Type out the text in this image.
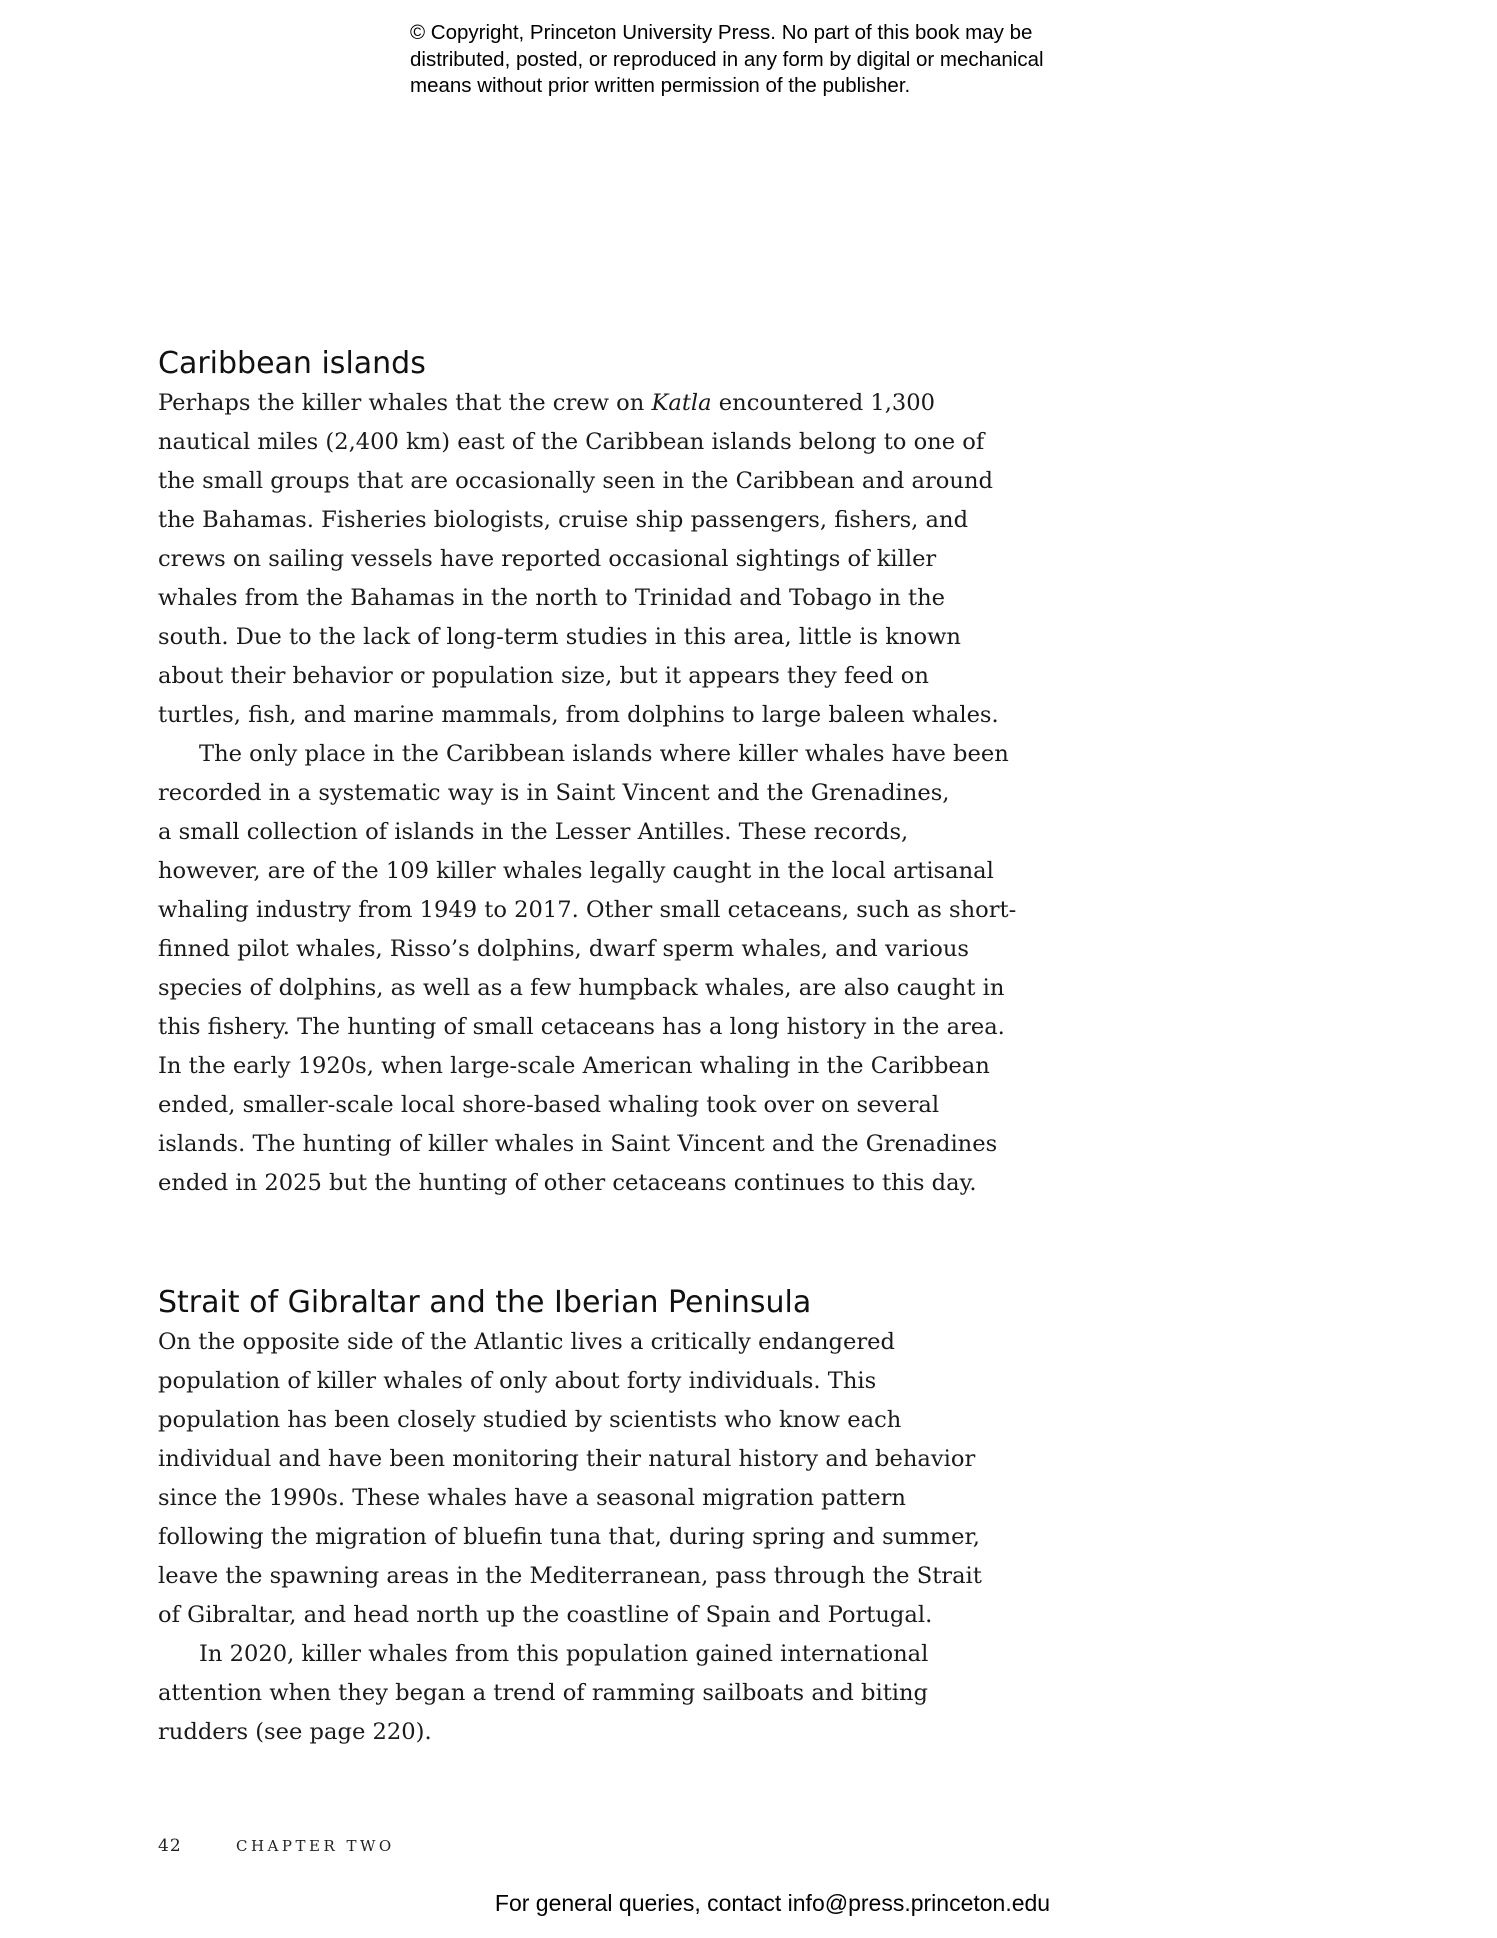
© Copyright, Princeton University Press. No part of this book may be
distributed, posted, or reproduced in any form by digital or mechanical
means without prior written permission of the publisher.
Caribbean islands

Perhaps the killer whales that the crew on Katla encountered 1,300
nautical miles (2,400 km) east of the Caribbean islands belong to one of
the small groups that are occasionally seen in the Caribbean and around
the Bahamas. Fisheries biologists, cruise ship passengers, fishers, and
crews on sailing vessels have reported occasional sightings of killer
whales from the Bahamas in the north to Trinidad and Tobago in the
south. Due to the lack of long-term studies in this area, little is known
about their behavior or population size, but it appears they feed on
turtles, fish, and marine mammals, from dolphins to large baleen whales.

The only place in the Caribbean islands where killer whales have been
recorded in a systematic way is in Saint Vincent and the Grenadines,
a small collection of islands in the Lesser Antilles. These records,
however, are of the 109 killer whales legally caught in the local artisanal
whaling industry from 1949 to 2017. Other small cetaceans, such as short-
finned pilot whales, Risso’s dolphins, dwarf sperm whales, and various
species of dolphins, as well as a few humpback whales, are also caught in
this fishery. The hunting of small cetaceans has a long history in the area.
In the early 1920s, when large-scale American whaling in the Caribbean
ended, smaller-scale local shore-based whaling took over on several
islands. The hunting of killer whales in Saint Vincent and the Grenadines
ended in 2025 but the hunting of other cetaceans continues to this day.

Strait of Gibraltar and the Iberian Peninsula

On the opposite side of the Atlantic lives a critically endangered
population of killer whales of only about forty individuals. This
population has been closely studied by scientists who know each
individual and have been monitoring their natural history and behavior
since the 1990s. These whales have a seasonal migration pattern
following the migration of bluefin tuna that, during spring and summer,
leave the spawning areas in the Mediterranean, pass through the Strait
of Gibraltar, and head north up the coastline of Spain and Portugal.

In 2020, killer whales from this population gained international
attention when they began a trend of ramming sailboats and biting
rudders (see page 220).

42	CHAPTER TWO
For general queries, contact info@press.princeton.edu
